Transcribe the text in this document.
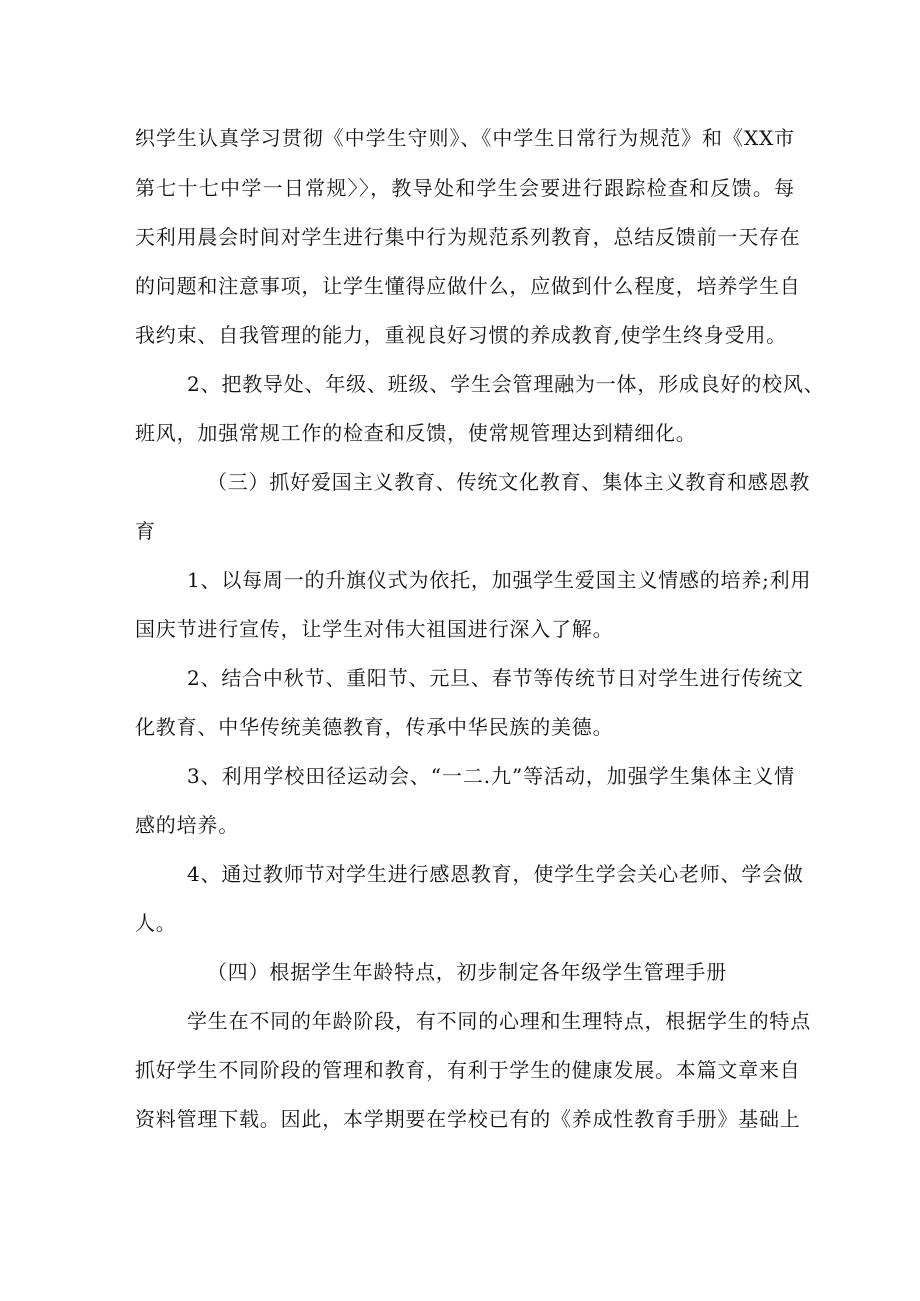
织学生认真学习贯彻《中学生守则》、《中学生日常行为规范》和《XX市
第七十七中学一日常规〉〉，教导处和学生会要进行跟踪检查和反馈。每
天利用晨会时间对学生进行集中行为规范系列教育，总结反馈前一天存在
的问题和注意事项，让学生懂得应做什么，应做到什么程度，培养学生自
我约束、自我管理的能力，重视良好习惯的养成教育,使学生终身受用。
2、把教导处、年级、班级、学生会管理融为一体，形成良好的校风、
班风，加强常规工作的检查和反馈，使常规管理达到精细化。
（三）抓好爱国主义教育、传统文化教育、集体主义教育和感恩教
育
1、以每周一的升旗仪式为依托，加强学生爱国主义情感的培养;利用
国庆节进行宣传，让学生对伟大祖国进行深入了解。
2、结合中秋节、重阳节、元旦、春节等传统节日对学生进行传统文
化教育、中华传统美德教育，传承中华民族的美德。
3、利用学校田径运动会、“一二.九”等活动，加强学生集体主义情
感的培养。
4、通过教师节对学生进行感恩教育，使学生学会关心老师、学会做
人。
（四）根据学生年龄特点，初步制定各年级学生管理手册
学生在不同的年龄阶段，有不同的心理和生理特点，根据学生的特点
抓好学生不同阶段的管理和教育，有利于学生的健康发展。本篇文章来自
资料管理下载。因此，本学期要在学校已有的《养成性教育手册》基础上
